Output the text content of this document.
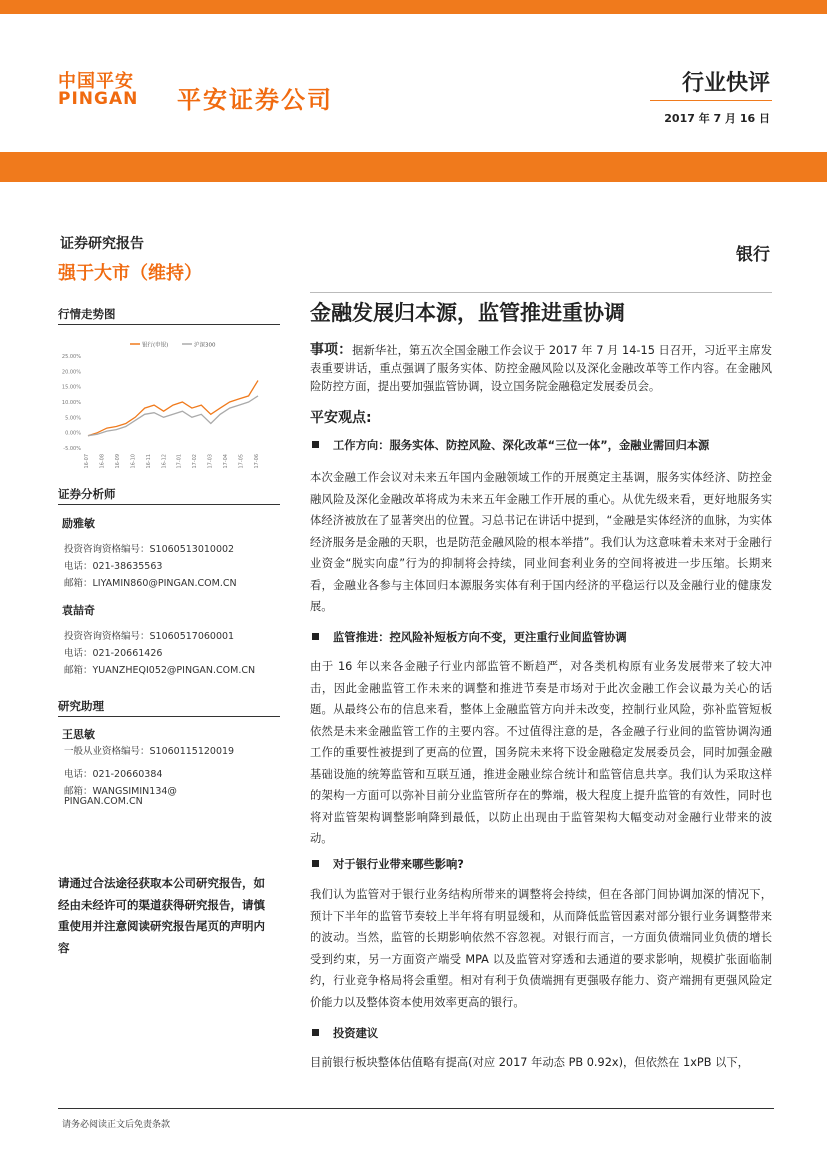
中国平安
PINGAN 平安证券公司
行业快评
2017 年 7 月 16 日
证券研究报告
强于大市（维持）
银行
行情走势图
银行(申银)	沪深300
25.00%
20.00%
15.00%
10.00%
5.00%
0.00%
-5.00%
16-07 16-08 16-09 16-10 16-11 16-12 17-01 17-02 17-03 17-04 17-05 17-06
证券分析师
励雅敏
投资咨询资格编号：S1060513010002
电话：021-38635563
邮箱：LIYAMIN860@PINGAN.COM.CN
袁喆奇
投资咨询资格编号：S1060517060001
电话：021-20661426
邮箱：YUANZHEQI052@PINGAN.COM.CN
研究助理
王思敏
一般从业资格编号：S1060115120019
电话：021-20660384
邮箱：WANGSIMIN134@
PINGAN.COM.CN
请通过合法途径获取本公司研究报告，如经由未经许可的渠道获得研究报告，请慎重使用并注意阅读研究报告尾页的声明内容
金融发展归本源，监管推进重协调
事项：据新华社，第五次全国金融工作会议于 2017 年 7 月 14-15 日召开，习近平主席发表重要讲话，重点强调了服务实体、防控金融风险以及深化金融改革等工作内容。在金融风险防控方面，提出要加强监管协调，设立国务院金融稳定发展委员会。
平安观点:
工作方向：服务实体、防控风险、深化改革“三位一体”，金融业需回归本源
本次金融工作会议对未来五年国内金融领域工作的开展奠定主基调，服务实体经济、防控金融风险及深化金融改革将成为未来五年金融工作开展的重心。从优先级来看，更好地服务实体经济被放在了显著突出的位置。习总书记在讲话中提到，“金融是实体经济的血脉，为实体经济服务是金融的天职，也是防范金融风险的根本举措”。我们认为这意味着未来对于金融行业资金“脱实向虚”行为的抑制将会持续，同业间套利业务的空间将被进一步压缩。长期来看，金融业各参与主体回归本源服务实体有利于国内经济的平稳运行以及金融行业的健康发展。
监管推进：控风险补短板方向不变，更注重行业间监管协调
由于 16 年以来各金融子行业内部监管不断趋严，对各类机构原有业务发展带来了较大冲击，因此金融监管工作未来的调整和推进节奏是市场对于此次金融工作会议最为关心的话题。从最终公布的信息来看，整体上金融监管方向并未改变，控制行业风险，弥补监管短板依然是未来金融监管工作的主要内容。不过值得注意的是，各金融子行业间的监管协调沟通工作的重要性被提到了更高的位置，国务院未来将下设金融稳定发展委员会，同时加强金融基础设施的统筹监管和互联互通，推进金融业综合统计和监管信息共享。我们认为采取这样的架构一方面可以弥补目前分业监管所存在的弊端，极大程度上提升监管的有效性，同时也将对监管架构调整影响降到最低，以防止出现由于监管架构大幅变动对金融行业带来的波动。
对于银行业带来哪些影响?
我们认为监管对于银行业务结构所带来的调整将会持续，但在各部门间协调加深的情况下，预计下半年的监管节奏较上半年将有明显缓和，从而降低监管因素对部分银行业务调整带来的波动。当然，监管的长期影响依然不容忽视。对银行而言，一方面负债端同业负债的增长受到约束，另一方面资产端受 MPA 以及监管对穿透和去通道的要求影响，规模扩张面临制约，行业竞争格局将会重塑。相对有利于负债端拥有更强吸存能力、资产端拥有更强风险定价能力以及整体资本使用效率更高的银行。
投资建议
目前银行板块整体估值略有提高(对应 2017 年动态 PB 0.92x)，但依然在 1xPB 以下，
请务必阅读正文后免责条款
